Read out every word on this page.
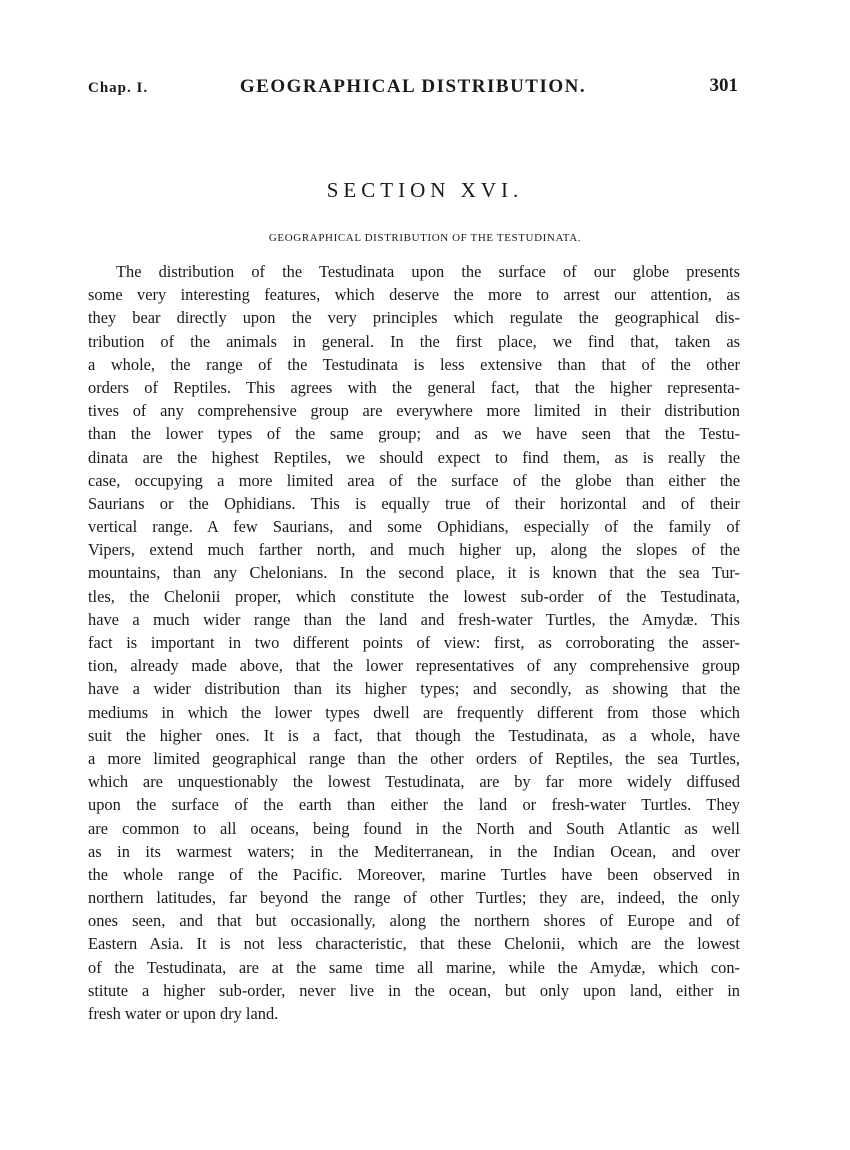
Chap. I.	GEOGRAPHICAL DISTRIBUTION.	301
SECTION XVI.
GEOGRAPHICAL DISTRIBUTION OF THE TESTUDINATA.
The distribution of the Testudinata upon the surface of our globe presents
some very interesting features, which deserve the more to arrest our attention, as
they bear directly upon the very principles which regulate the geographical dis-
tribution of the animals in general. In the first place, we find that, taken as
a whole, the range of the Testudinata is less extensive than that of the other
orders of Reptiles. This agrees with the general fact, that the higher representa-
tives of any comprehensive group are everywhere more limited in their distribution
than the lower types of the same group; and as we have seen that the Testu-
dinata are the highest Reptiles, we should expect to find them, as is really the
case, occupying a more limited area of the surface of the globe than either the
Saurians or the Ophidians. This is equally true of their horizontal and of their
vertical range. A few Saurians, and some Ophidians, especially of the family of
Vipers, extend much farther north, and much higher up, along the slopes of the
mountains, than any Chelonians. In the second place, it is known that the sea Tur-
tles, the Chelonii proper, which constitute the lowest sub-order of the Testudinata,
have a much wider range than the land and fresh-water Turtles, the Amydæ. This
fact is important in two different points of view: first, as corroborating the asser-
tion, already made above, that the lower representatives of any comprehensive group
have a wider distribution than its higher types; and secondly, as showing that the
mediums in which the lower types dwell are frequently different from those which
suit the higher ones. It is a fact, that though the Testudinata, as a whole, have
a more limited geographical range than the other orders of Reptiles, the sea Turtles,
which are unquestionably the lowest Testudinata, are by far more widely diffused
upon the surface of the earth than either the land or fresh-water Turtles. They
are common to all oceans, being found in the North and South Atlantic as well
as in its warmest waters; in the Mediterranean, in the Indian Ocean, and over
the whole range of the Pacific. Moreover, marine Turtles have been observed in
northern latitudes, far beyond the range of other Turtles; they are, indeed, the only
ones seen, and that but occasionally, along the northern shores of Europe and of
Eastern Asia. It is not less characteristic, that these Chelonii, which are the lowest
of the Testudinata, are at the same time all marine, while the Amydæ, which con-
stitute a higher sub-order, never live in the ocean, but only upon land, either in
fresh water or upon dry land.
